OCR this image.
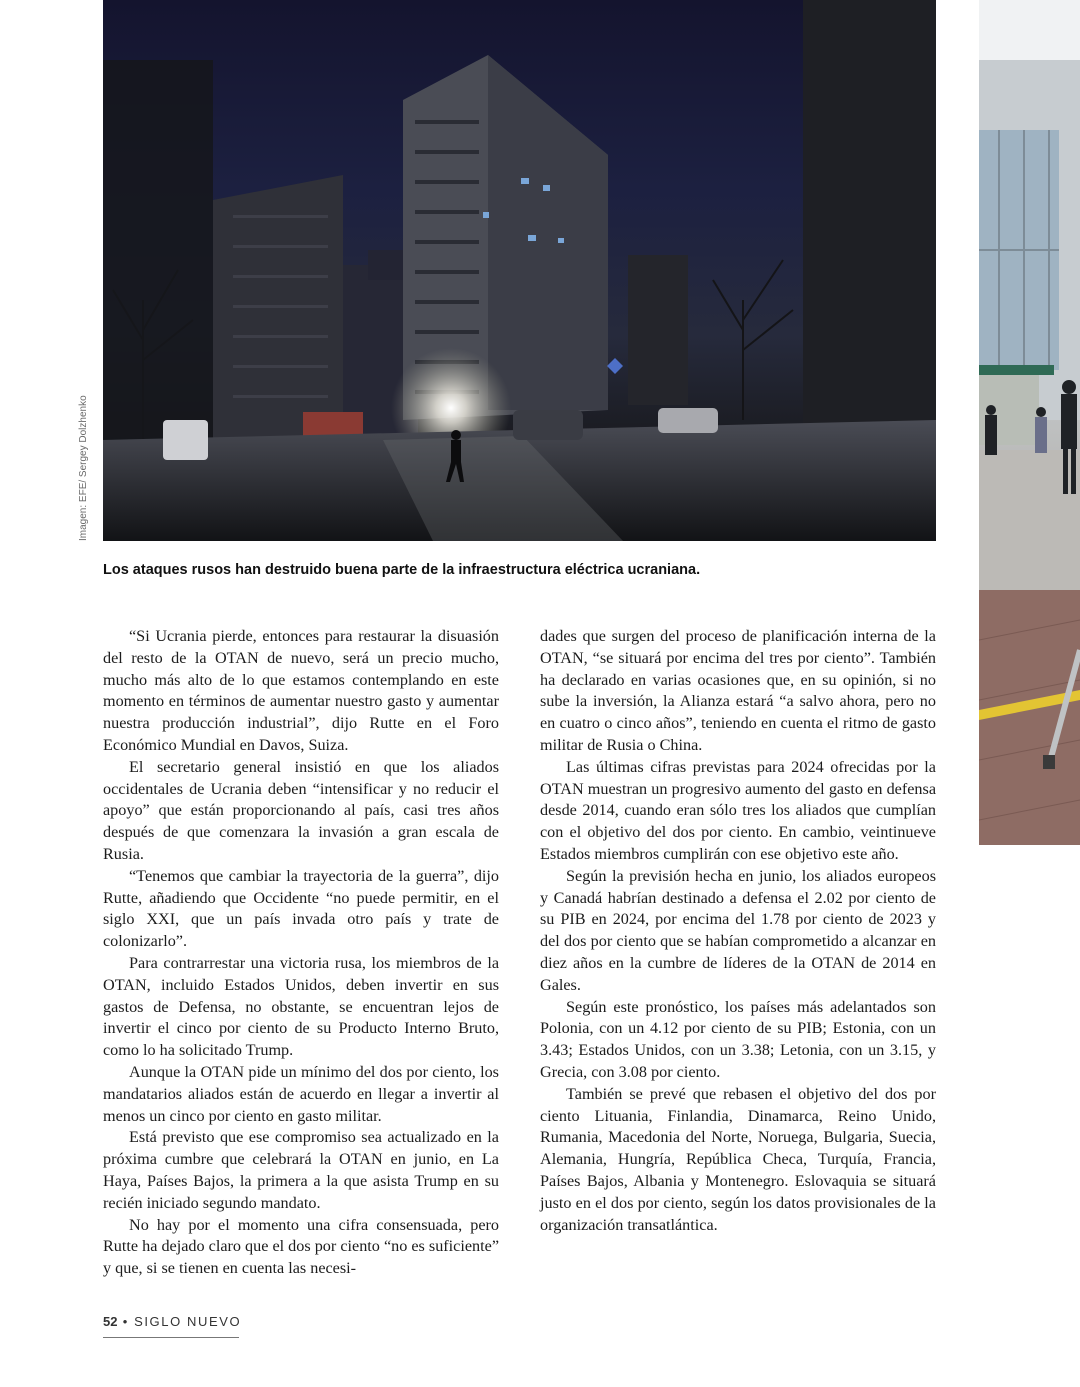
Imagen: EFE/ Sergey Dolzhenko
Los ataques rusos han destruido buena parte de la infraestructura eléctrica ucraniana.

“Si Ucrania pierde, entonces para restaurar la disuasión del resto de la OTAN de nuevo, será un precio mucho, mucho más alto de lo que estamos contemplando en este momento en términos de aumentar nuestro gasto y aumentar nuestra producción industrial”, dijo Rutte en el Foro Económico Mundial en Davos, Suiza.

El secretario general insistió en que los aliados occidentales de Ucrania deben “intensificar y no reducir el apoyo” que están proporcionando al país, casi tres años después de que comenzara la invasión a gran escala de Rusia.

“Tenemos que cambiar la trayectoria de la guerra”, dijo Rutte, añadiendo que Occidente “no puede permitir, en el siglo XXI, que un país invada otro país y trate de colonizarlo”.

Para contrarrestar una victoria rusa, los miembros de la OTAN, incluido Estados Unidos, deben invertir en sus gastos de Defensa, no obstante, se encuentran lejos de invertir el cinco por ciento de su Producto Interno Bruto, como lo ha solicitado Trump.

Aunque la OTAN pide un mínimo del dos por ciento, los mandatarios aliados están de acuerdo en llegar a invertir al menos un cinco por ciento en gasto militar.

Está previsto que ese compromiso sea actualizado en la próxima cumbre que celebrará la OTAN en junio, en La Haya, Países Bajos, la primera a la que asista Trump en su recién iniciado segundo mandato.

No hay por el momento una cifra consensuada, pero Rutte ha dejado claro que el dos por ciento “no es suficiente” y que, si se tienen en cuenta las necesi-

dades que surgen del proceso de planificación interna de la OTAN, “se situará por encima del tres por ciento”. También ha declarado en varias ocasiones que, en su opinión, si no sube la inversión, la Alianza estará “a salvo ahora, pero no en cuatro o cinco años”, teniendo en cuenta el ritmo de gasto militar de Rusia o China.

Las últimas cifras previstas para 2024 ofrecidas por la OTAN muestran un progresivo aumento del gasto en defensa desde 2014, cuando eran sólo tres los aliados que cumplían con el objetivo del dos por ciento. En cambio, veintinueve Estados miembros cumplirán con ese objetivo este año.

Según la previsión hecha en junio, los aliados europeos y Canadá habrían destinado a defensa el 2.02 por ciento de su PIB en 2024, por encima del 1.78 por ciento de 2023 y del dos por ciento que se habían comprometido a alcanzar en diez años en la cumbre de líderes de la OTAN de 2014 en Gales.

Según este pronóstico, los países más adelantados son Polonia, con un 4.12 por ciento de su PIB; Estonia, con un 3.43; Estados Unidos, con un 3.38; Letonia, con un 3.15, y Grecia, con 3.08 por ciento.

También se prevé que rebasen el objetivo del dos por ciento Lituania, Finlandia, Dinamarca, Reino Unido, Rumania, Macedonia del Norte, Noruega, Bulgaria, Suecia, Alemania, Hungría, República Checa, Turquía, Francia, Países Bajos, Albania y Montenegro. Eslovaquia se situará justo en el dos por ciento, según los datos provisionales de la organización transatlántica.

52 • SIGLO NUEVO
